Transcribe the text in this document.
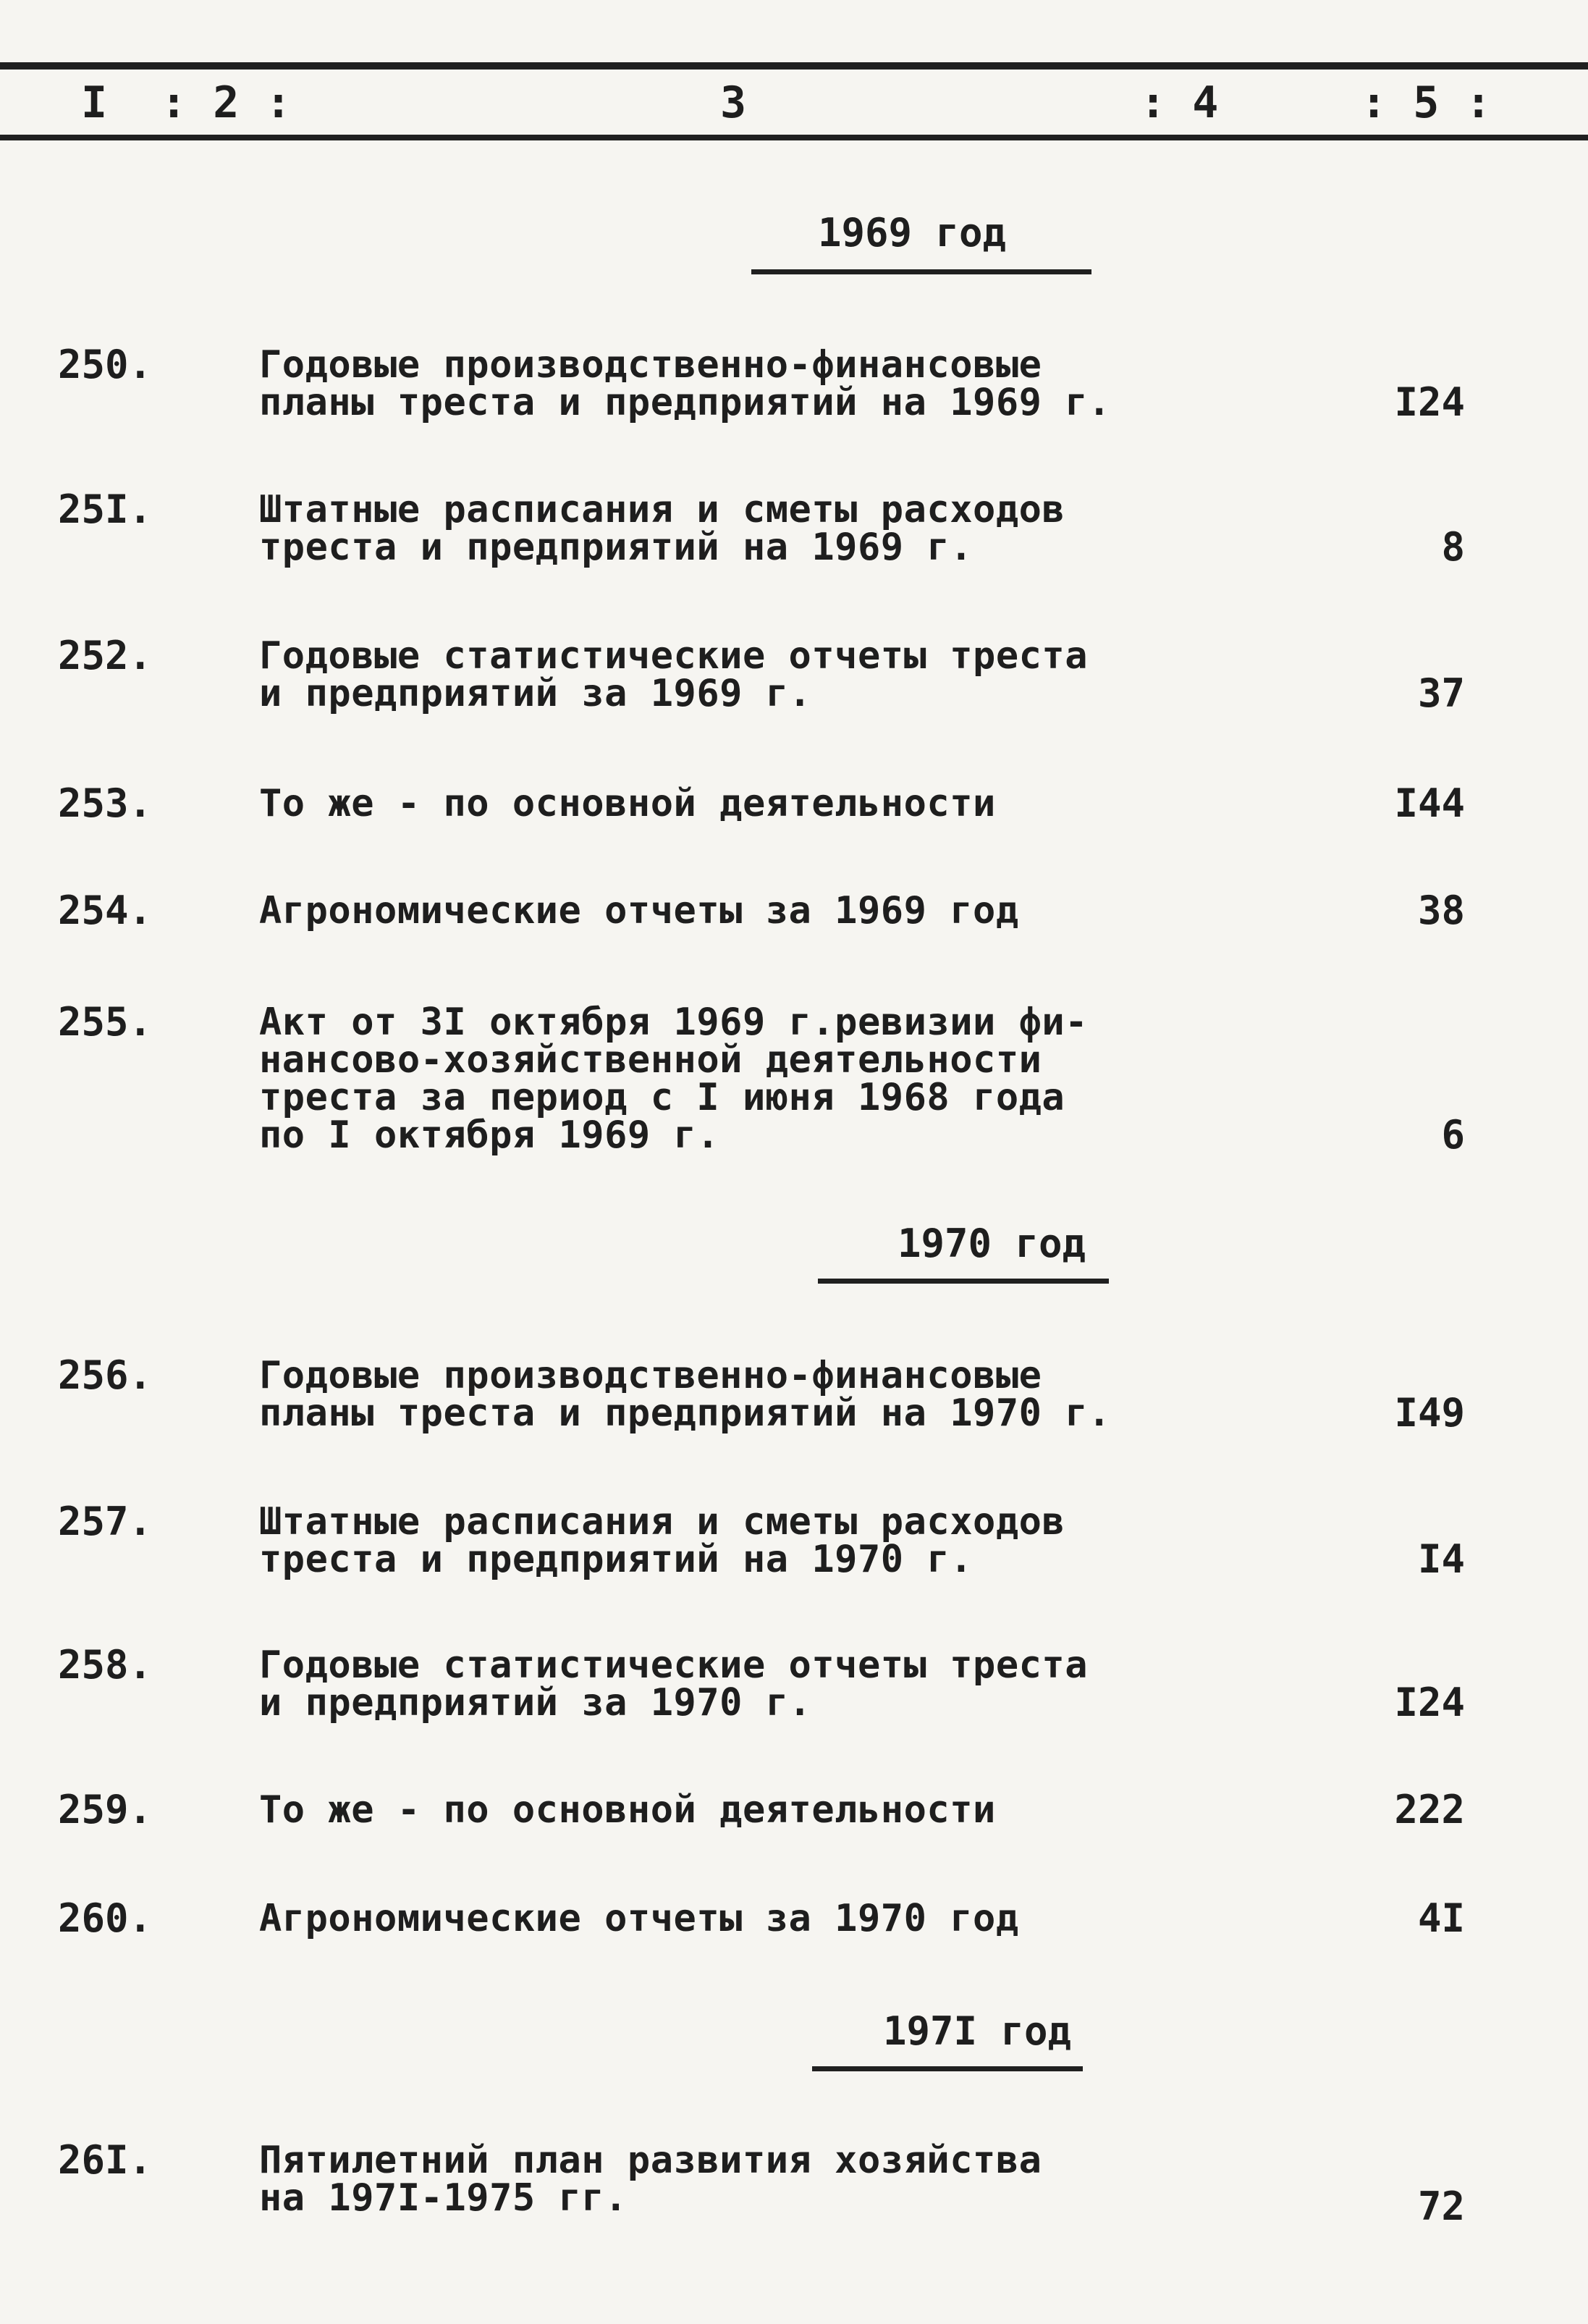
I : 2 :	3	: 4	: 5 :
1969 год
250.	Годовые производственно-финансовые
планы треста и предприятий на 1969 г.	I24
25I.	Штатные расписания и сметы расходов
треста и предприятий на 1969 г.	8
252.	Годовые статистические отчеты треста
и предприятий за 1969 г.	37
253.	То же - по основной деятельности	I44
254.	Агрономические отчеты за 1969 год	38
255.	Акт от 3I октября 1969 г.ревизии фи-
нансово-хозяйственной деятельности
треста за период с I июня 1968 года
по I октября 1969 г.	6
1970 год
256.	Годовые производственно-финансовые
планы треста и предприятий на 1970 г.	I49
257.	Штатные расписания и сметы расходов
треста и предприятий на 1970 г.	I4
258.	Годовые статистические отчеты треста
и предприятий за 1970 г.	I24
259.	То же - по основной деятельности	222
260.	Агрономические отчеты за 1970 год	4I
197I год
26I.	Пятилетний план развития хозяйства
на 197I-1975 гг.	72
